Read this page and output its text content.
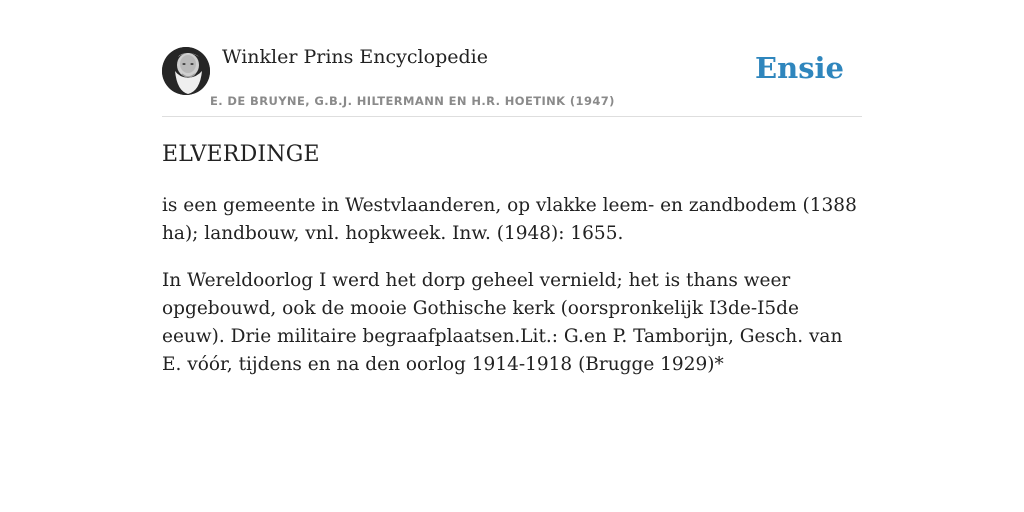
Winkler Prins Encyclopedie
E. DE BRUYNE, G.B.J. HILTERMANN EN H.R. HOETINK (1947)
Ensie
ELVERDINGE

is een gemeente in Westvlaanderen, op vlakke leem- en zandbodem (1388 ha); landbouw, vnl. hopkweek. Inw. (1948): 1655.

In Wereldoorlog I werd het dorp geheel vernield; het is thans weer opgebouwd, ook de mooie Gothische kerk (oorspronkelijk I3de-I5de eeuw). Drie militaire begraafplaatsen.Lit.: G.en P. Tamborijn, Gesch. van E. vóór, tijdens en na den oorlog 1914-1918 (Brugge 1929)*
